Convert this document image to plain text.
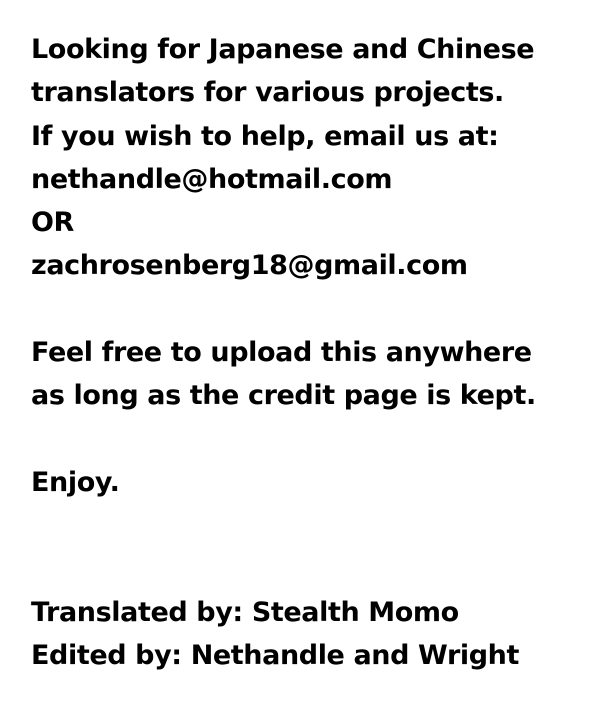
Looking for Japanese and Chinese
translators for various projects.
If you wish to help, email us at:
nethandle@hotmail.com
OR
zachrosenberg18@gmail.com
Feel free to upload this anywhere
as long as the credit page is kept.
Enjoy.
Translated by: Stealth Momo
Edited by: Nethandle and Wright
